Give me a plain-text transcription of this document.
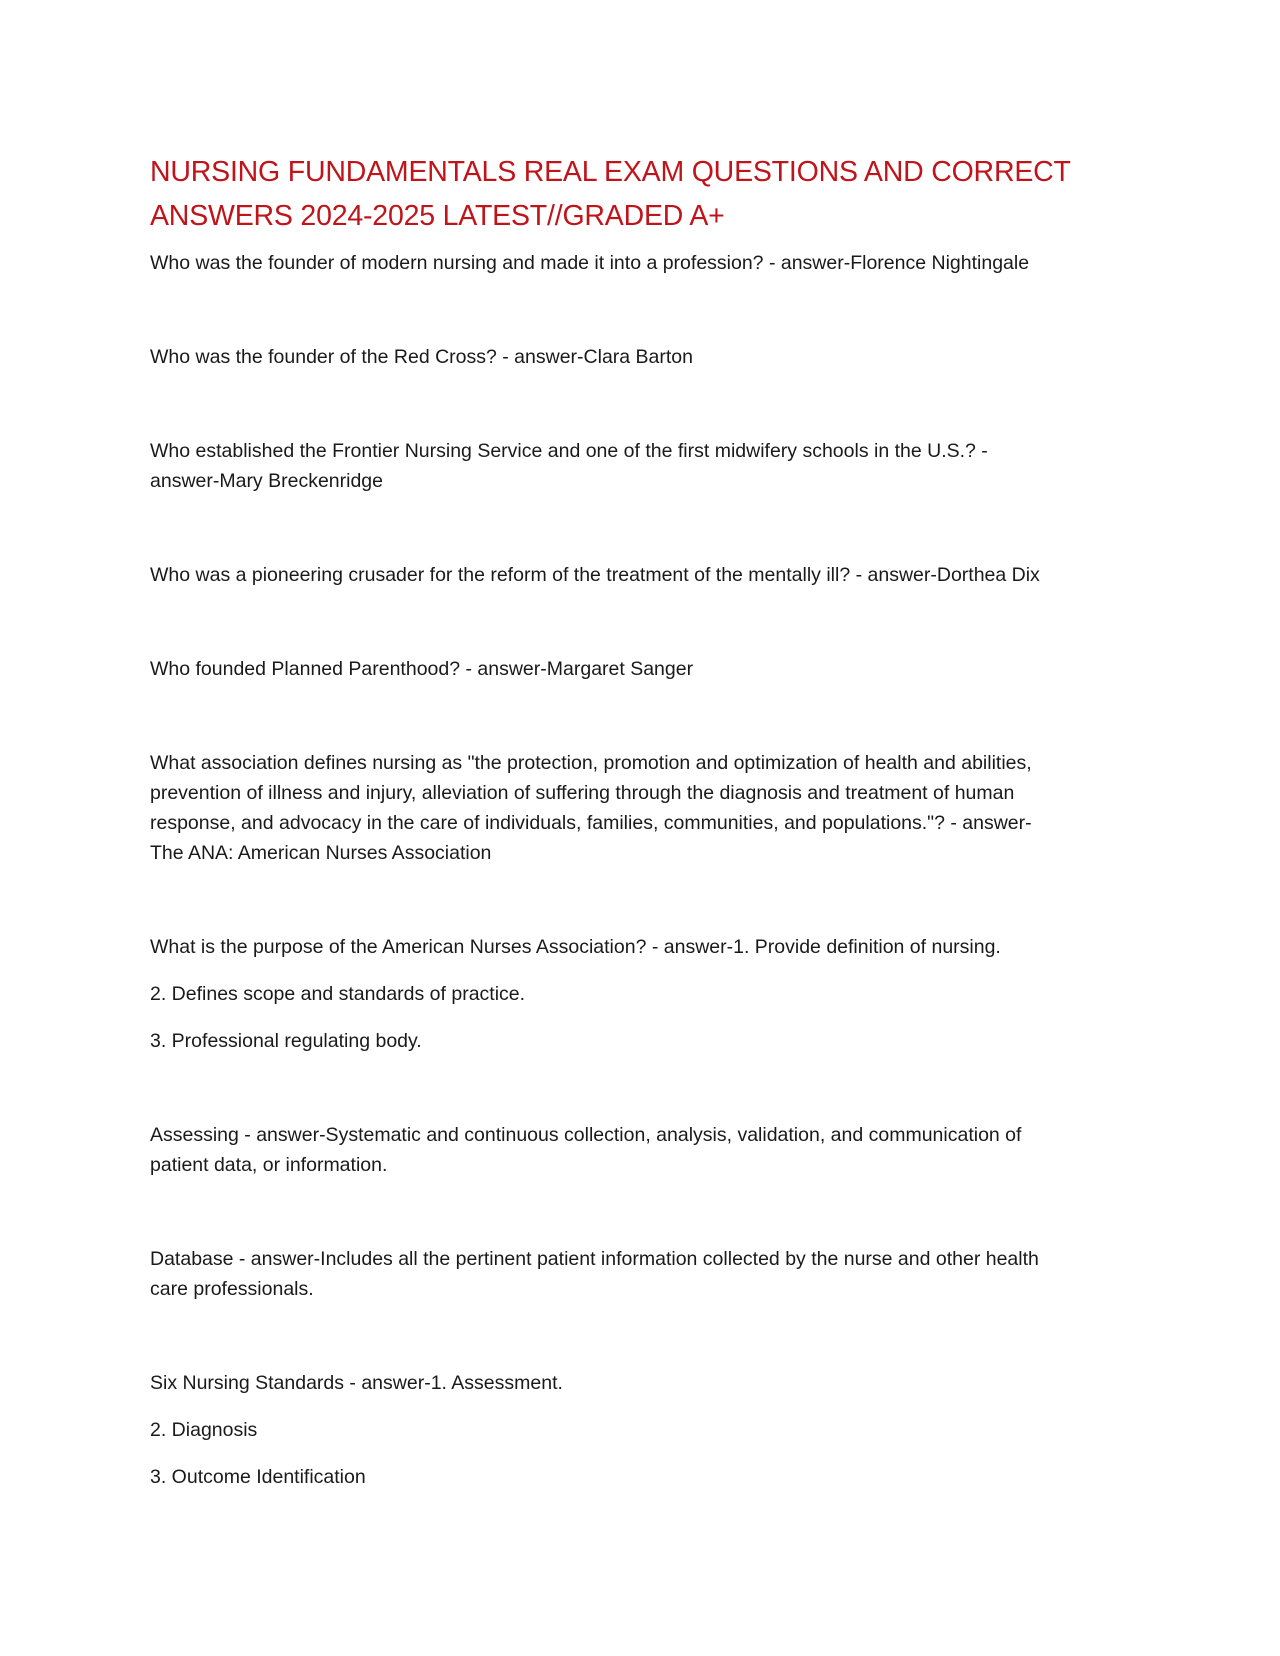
NURSING FUNDAMENTALS REAL EXAM QUESTIONS AND CORRECT
ANSWERS 2024-2025 LATEST//GRADED A+

Who was the founder of modern nursing and made it into a profession? - answer-Florence Nightingale

Who was the founder of the Red Cross? - answer-Clara Barton

Who established the Frontier Nursing Service and one of the first midwifery schools in the U.S.? -
answer-Mary Breckenridge

Who was a pioneering crusader for the reform of the treatment of the mentally ill? - answer-Dorthea Dix

Who founded Planned Parenthood? - answer-Margaret Sanger

What association defines nursing as "the protection, promotion and optimization of health and abilities,
prevention of illness and injury, alleviation of suffering through the diagnosis and treatment of human
response, and advocacy in the care of individuals, families, communities, and populations."? - answer-
The ANA: American Nurses Association

What is the purpose of the American Nurses Association? - answer-1. Provide definition of nursing.

2. Defines scope and standards of practice.

3. Professional regulating body.

Assessing - answer-Systematic and continuous collection, analysis, validation, and communication of
patient data, or information.

Database - answer-Includes all the pertinent patient information collected by the nurse and other health
care professionals.

Six Nursing Standards - answer-1. Assessment.

2. Diagnosis

3. Outcome Identification
